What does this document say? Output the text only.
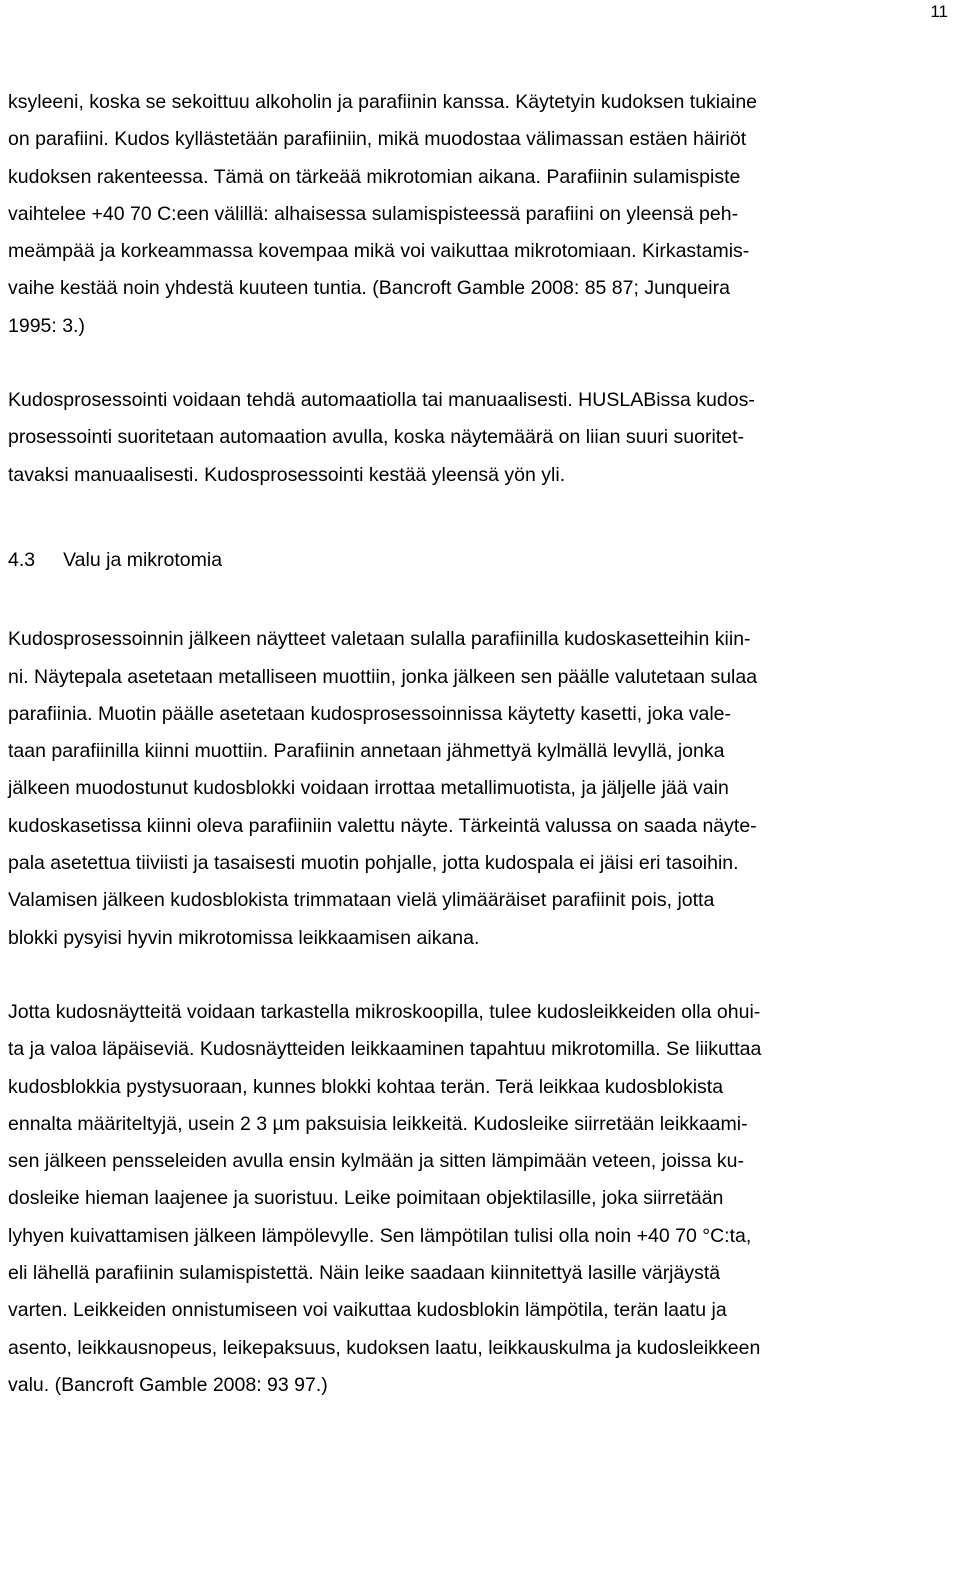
11

ksyleeni, koska se sekoittuu alkoholin ja parafiinin kanssa. Käytetyin kudoksen tukiaine
on parafiini. Kudos kyllästetään parafiiniin, mikä muodostaa välimassan estäen häiriöt
kudoksen rakenteessa. Tämä on tärkeää mikrotomian aikana. Parafiinin sulamispiste
vaihtelee +40 70 C:een välillä: alhaisessa sulamispisteessä parafiini on yleensä peh-
meämpää ja korkeammassa kovempaa mikä voi vaikuttaa mikrotomiaan. Kirkastamis-
vaihe kestää noin yhdestä kuuteen tuntia. (Bancroft Gamble 2008: 85 87; Junqueira
1995: 3.)

Kudosprosessointi voidaan tehdä automaatiolla tai manuaalisesti. HUSLABissa kudos-
prosessointi suoritetaan automaation avulla, koska näytemäärä on liian suuri suoritet-
tavaksi manuaalisesti. Kudosprosessointi kestää yleensä yön yli.

4.3 Valu ja mikrotomia

Kudosprosessoinnin jälkeen näytteet valetaan sulalla parafiinilla kudoskasetteihin kiin-
ni. Näytepala asetetaan metalliseen muottiin, jonka jälkeen sen päälle valutetaan sulaa
parafiinia. Muotin päälle asetetaan kudosprosessoinnissa käytetty kasetti, joka vale-
taan parafiinilla kiinni muottiin. Parafiinin annetaan jähmettyä kylmällä levyllä, jonka
jälkeen muodostunut kudosblokki voidaan irrottaa metallimuotista, ja jäljelle jää vain
kudoskasetissa kiinni oleva parafiiniin valettu näyte. Tärkeintä valussa on saada näyte-
pala asetettua tiiviisti ja tasaisesti muotin pohjalle, jotta kudospala ei jäisi eri tasoihin.
Valamisen jälkeen kudosblokista trimmataan vielä ylimääräiset parafiinit pois, jotta
blokki pysyisi hyvin mikrotomissa leikkaamisen aikana.

Jotta kudosnäytteitä voidaan tarkastella mikroskoopilla, tulee kudosleikkeiden olla ohui-
ta ja valoa läpäiseviä. Kudosnäytteiden leikkaaminen tapahtuu mikrotomilla. Se liikuttaa
kudosblokkia pystysuoraan, kunnes blokki kohtaa terän. Terä leikkaa kudosblokista
ennalta määriteltyjä, usein 2 3 µm paksuisia leikkeitä. Kudosleike siirretään leikkaami-
sen jälkeen pensseleiden avulla ensin kylmään ja sitten lämpimään veteen, joissa ku-
dosleike hieman laajenee ja suoristuu. Leike poimitaan objektilasille, joka siirretään
lyhyen kuivattamisen jälkeen lämpölevylle. Sen lämpötilan tulisi olla noin +40 70 °C:ta,
eli lähellä parafiinin sulamispistettä. Näin leike saadaan kiinnitettyä lasille värjäystä
varten. Leikkeiden onnistumiseen voi vaikuttaa kudosblokin lämpötila, terän laatu ja
asento, leikkausnopeus, leikepaksuus, kudoksen laatu, leikkauskulma ja kudosleikkeen
valu. (Bancroft Gamble 2008: 93 97.)
